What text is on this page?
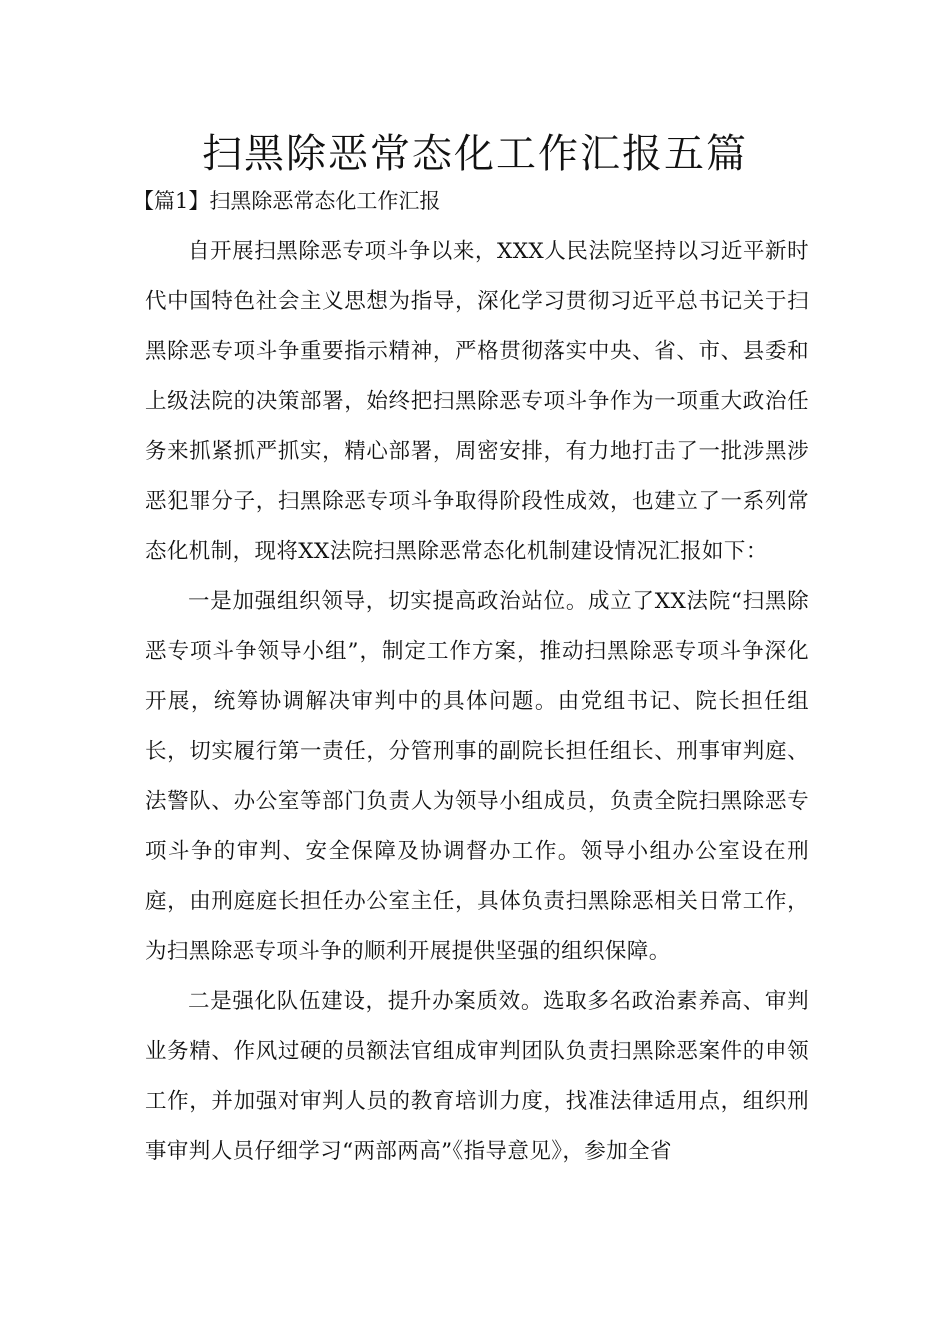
扫黑除恶常态化工作汇报五篇
【篇1】扫黑除恶常态化工作汇报

自开展扫黑除恶专项斗争以来，XXX人民法院坚持以习近平新时代中国特色社会主义思想为指导，深化学习贯彻习近平总书记关于扫黑除恶专项斗争重要指示精神，严格贯彻落实中央、省、市、县委和上级法院的决策部署，始终把扫黑除恶专项斗争作为一项重大政治任务来抓紧抓严抓实，精心部署，周密安排，有力地打击了一批涉黑涉恶犯罪分子，扫黑除恶专项斗争取得阶段性成效，也建立了一系列常态化机制，现将XX法院扫黑除恶常态化机制建设情况汇报如下：

一是加强组织领导，切实提高政治站位。成立了XX法院“扫黑除恶专项斗争领导小组”，制定工作方案，推动扫黑除恶专项斗争深化开展，统筹协调解决审判中的具体问题。由党组书记、院长担任组长，切实履行第一责任，分管刑事的副院长担任组长、刑事审判庭、法警队、办公室等部门负责人为领导小组成员，负责全院扫黑除恶专项斗争的审判、安全保障及协调督办工作。领导小组办公室设在刑庭，由刑庭庭长担任办公室主任，具体负责扫黑除恶相关日常工作，为扫黑除恶专项斗争的顺利开展提供坚强的组织保障。

二是强化队伍建设，提升办案质效。选取多名政治素养高、审判业务精、作风过硬的员额法官组成审判团队负责扫黑除恶案件的申领工作，并加强对审判人员的教育培训力度，找准法律适用点，组织刑事审判人员仔细学习“两部两高”《指导意见》，参加全省
